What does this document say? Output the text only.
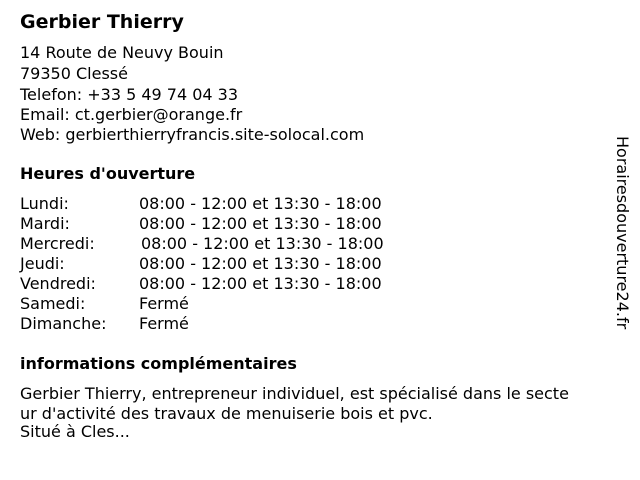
Gerbier Thierry
14 Route de Neuvy Bouin
79350 Clessé
Telefon: +33 5 49 74 04 33
Email: ct.gerbier@orange.fr
Web: gerbierthierryfrancis.site-solocal.com
Heures d'ouverture
Lundi:	08:00 - 12:00 et 13:30 - 18:00
Mardi:	08:00 - 12:00 et 13:30 - 18:00
Mercredi:	08:00 - 12:00 et 13:30 - 18:00
Jeudi:	08:00 - 12:00 et 13:30 - 18:00
Vendredi:	08:00 - 12:00 et 13:30 - 18:00
Samedi:	Fermé
Dimanche: Fermé
informations complémentaires
Gerbier Thierry, entrepreneur individuel, est spécialisé dans le secte
ur d'activité des travaux de menuiserie bois et pvc.
Situé à Cles...
Horairesdouverture24.fr
